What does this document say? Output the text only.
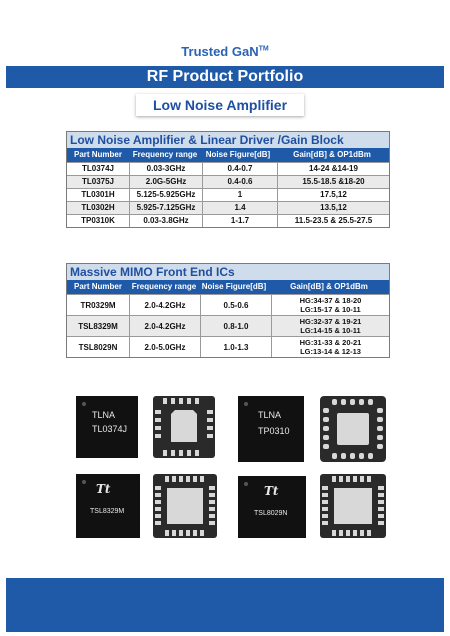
Trusted GaN™
RF Product Portfolio
Low Noise Amplifier
Low Noise Amplifier & Linear Driver /Gain Block
Part Number	Frequency range	Noise Figure[dB]	Gain[dB] & OP1dBm
TL0374J	0.03-3GHz	0.4-0.7	14-24 &14-19
TL0375J	2.0G-5GHz	0.4-0.6	15.5-18.5 &18-20
TL0301H	5.125-5.925GHz	1	17.5,12
TL0302H	5.925-7.125GHz	1.4	13.5,12
TP0310K	0.03-3.8GHz	1-1.7	11.5-23.5 & 25.5-27.5
Massive MIMO Front End ICs
Part Number	Frequency range Noise Figure[dB]	Gain[dB] & OP1dBm
TR0329M	2.0-4.2GHz	0.5-0.6	HG:34-37 & 18-20
LG:15-17 & 10-11
TSL8329M	2.0-4.2GHz	0.8-1.0	HG:32-37 & 19-21
LG:14-15 & 10-11
TSL8029N	2.0-5.0GHz	1.0-1.3	HG:31-33 & 20-21
LG:13-14 & 12-13
TLNA
TL0374J
TLNA
TP0310
Tt
TSL8329M
Tt
TSL8029N
